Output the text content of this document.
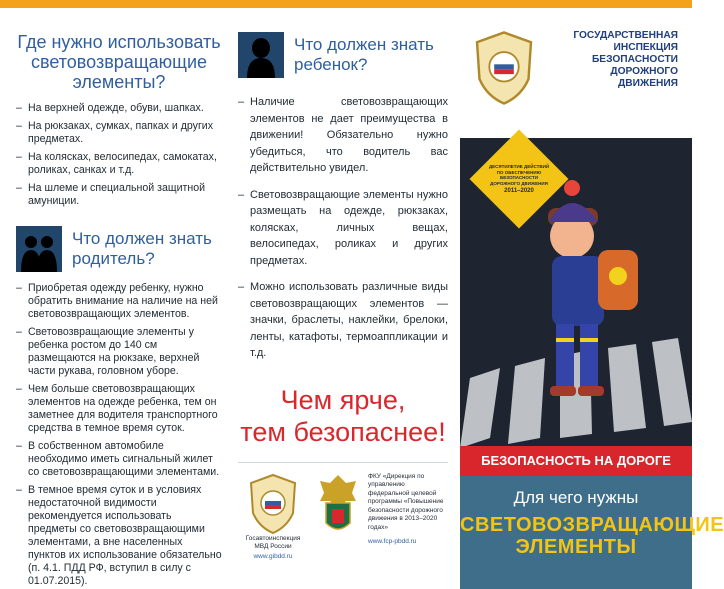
Где нужно использовать световозвращающие элементы?
– На верхней одежде, обуви, шапках.
– На рюкзаках, сумках, папках и других предметах.
– На колясках, велосипедах, самокатах, роликах, санках и т.д.
– На шлеме и специальной защитной амуниции.
Что должен знать родитель?
– Приобретая одежду ребенку, нужно обратить внимание на наличие на ней световозвращающих элементов.
– Световозвращающие элементы у ребенка ростом до 140 см размещаются на рюкзаке, верхней части рукава, головном уборе.
– Чем больше световозвращающих элементов на одежде ребенка, тем он заметнее для водителя транспортного средства в темное время суток.
– В собственном автомобиле необходимо иметь сигнальный жилет со световозвращающими элементами.
– В темное время суток и в условиях недостаточной видимости рекомендуется использовать предметы со световозвращающими элементами, а вне населенных пунктов их использование обязательно (п. 4.1. ПДД РФ, вступил в силу с 01.07.2015).
Что должен знать ребенок?
– Наличие световозвращающих элементов не дает преимущества в движении! Обязательно нужно убедиться, что водитель вас действительно увидел.
– Световозвращающие элементы нужно размещать на одежде, рюкзаках, колясках, личных вещах, велосипедах, роликах и других предметах.
– Можно использовать различные виды световозвращающих элементов — значки, браслеты, наклейки, брелоки, ленты, катафоты, термоаппликации и т.д.
Чем ярче,
тем безопаснее!
Госавтоинспекция МВД России
www.gibdd.ru
ФКУ «Дирекция по управлению федеральной целевой программы «Повышение безопасности дорожного движения в 2013–2020 годах»
www.fcp-pbdd.ru
ГОСУДАРСТВЕННАЯ ИНСПЕКЦИЯ БЕЗОПАСНОСТИ ДОРОЖНОГО ДВИЖЕНИЯ
ДЕСЯТИЛЕТИЕ ДЕЙСТВИЙ ПО ОБЕСПЕЧЕНИЮ БЕЗОПАСНОСТИ ДОРОЖНОГО ДВИЖЕНИЯ
2011–2020
БЕЗОПАСНОСТЬ НА ДОРОГЕ
Для чего нужны
СВЕТОВОЗВРАЩАЮЩИЕ
ЭЛЕМЕНТЫ
